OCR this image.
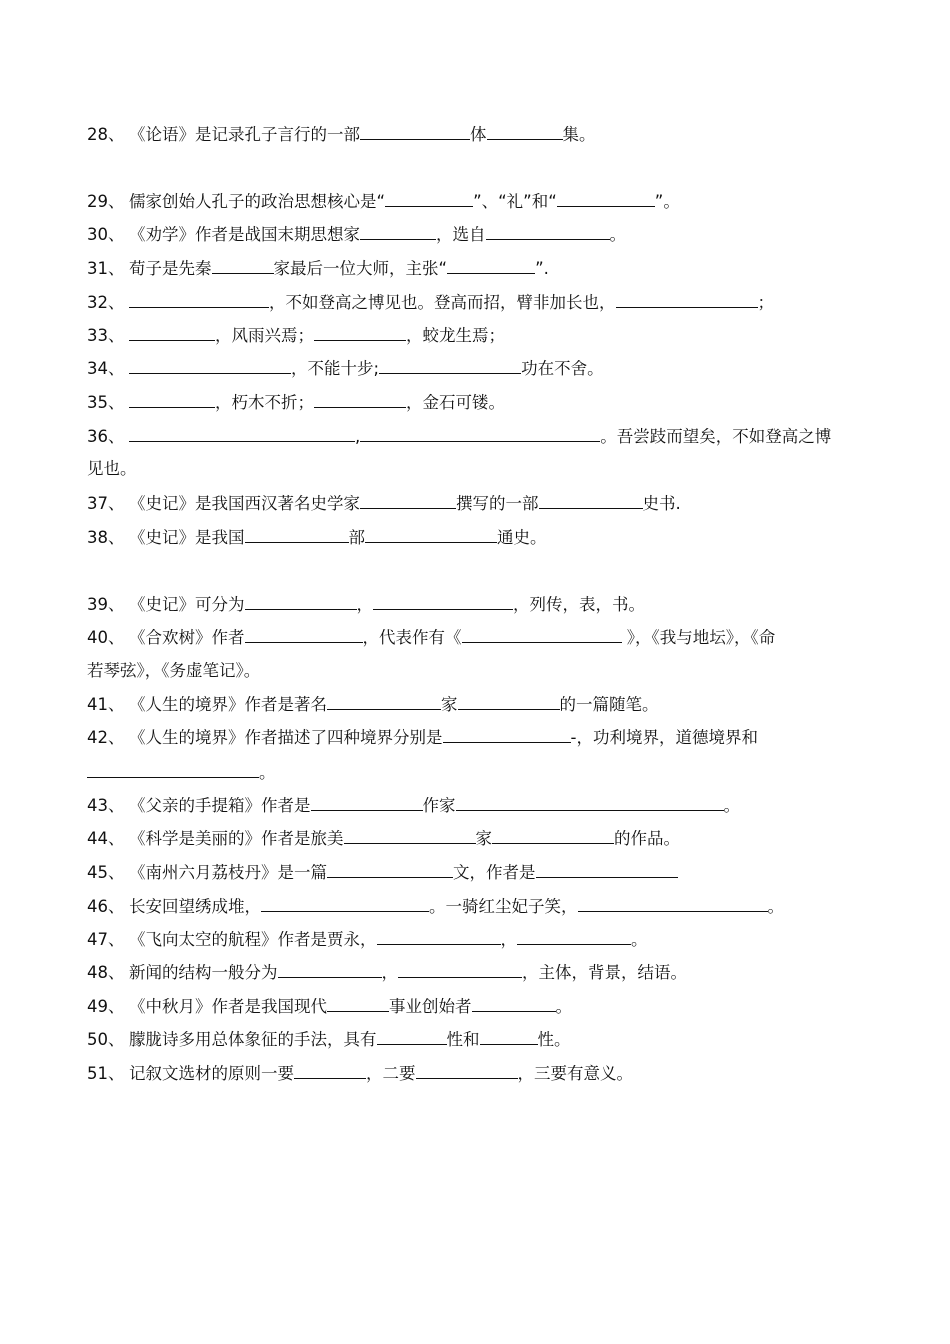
28、 《论语》是记录孔子言行的一部	体	集。
29、 儒家创始人孔子的政治思想核心是“	”、“礼”和“	”。
30、 《劝学》作者是战国末期思想家	，选自	。
31、 荀子是先秦	家最后一位大师，主张“	”.
32、	，不如登高之博见也。登高而招，臂非加长也，	；
33、	，风雨兴焉；	，蛟龙生焉；
34、	，不能十步;	功在不舍。
35、	，朽木不折；	，金石可镂。
36、	,	。吾尝跂而望矣，不如登高之博
见也。
37、 《史记》是我国西汉著名史学家	撰写的一部	史书.
38、 《史记》是我国	部	通史。
39、 《史记》可分为	，	，列传，表，书。
40、 《合欢树》作者	，代表作有《	》，《我与地坛》，《命
若琴弦》，《务虚笔记》。
41、 《人生的境界》作者是著名	家	的一篇随笔。
42、 《人生的境界》作者描述了四种境界分别是	-，功利境界，道德境界和
。
43、 《父亲的手提箱》作者是	作家	。
44、 《科学是美丽的》作者是旅美	家	的作品。
45、 《南州六月荔枝丹》是一篇	文，作者是
46、 长安回望绣成堆，	。一骑红尘妃子笑，	。
47、 《飞向太空的航程》作者是贾永，	，	。
48、 新闻的结构一般分为	，	，主体，背景，结语。
49、 《中秋月》作者是我国现代	事业创始者	。
50、 朦胧诗多用总体象征的手法，具有	性和	性。
51、 记叙文选材的原则一要	，二要	，三要有意义。
